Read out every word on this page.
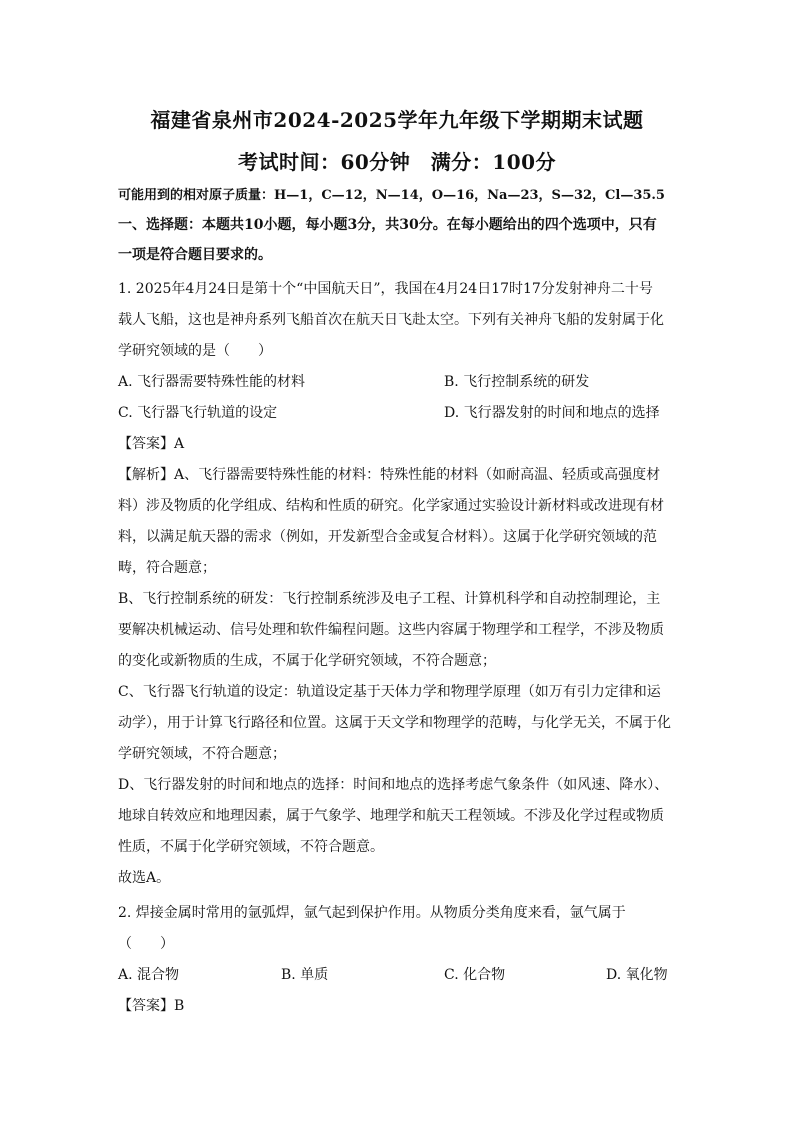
福建省泉州市2024-2025学年九年级下学期期末试题
考试时间：60分钟　满分：100分
可能用到的相对原子质量：H—1，C—12，N—14，O—16，Na—23，S—32，Cl—35.5
一、选择题：本题共10小题，每小题3分，共30分。在每小题给出的四个选项中，只有
一项是符合题目要求的。
1. 2025年4月24日是第十个“中国航天日”，我国在4月24日17时17分发射神舟二十号
载人飞船，这也是神舟系列飞船首次在航天日飞赴太空。下列有关神舟飞船的发射属于化
学研究领域的是（　　）
A. 飞行器需要特殊性能的材料	B. 飞行控制系统的研发
C. 飞行器飞行轨道的设定	D. 飞行器发射的时间和地点的选择
【答案】A
【解析】A、飞行器需要特殊性能的材料：特殊性能的材料（如耐高温、轻质或高强度材
料）涉及物质的化学组成、结构和性质的研究。化学家通过实验设计新材料或改进现有材
料，以满足航天器的需求（例如，开发新型合金或复合材料）。这属于化学研究领域的范
畴，符合题意；
B、飞行控制系统的研发：飞行控制系统涉及电子工程、计算机科学和自动控制理论，主
要解决机械运动、信号处理和软件编程问题。这些内容属于物理学和工程学，不涉及物质
的变化或新物质的生成，不属于化学研究领域，不符合题意；
C、飞行器飞行轨道的设定：轨道设定基于天体力学和物理学原理（如万有引力定律和运
动学），用于计算飞行路径和位置。这属于天文学和物理学的范畴，与化学无关，不属于化
学研究领域，不符合题意；
D、飞行器发射的时间和地点的选择：时间和地点的选择考虑气象条件（如风速、降水）、
地球自转效应和地理因素，属于气象学、地理学和航天工程领域。不涉及化学过程或物质
性质，不属于化学研究领域，不符合题意。
故选A。
2. 焊接金属时常用的氩弧焊，氩气起到保护作用。从物质分类角度来看，氩气属于
（　　）
A. 混合物	B. 单质	C. 化合物	D. 氧化物
【答案】B
